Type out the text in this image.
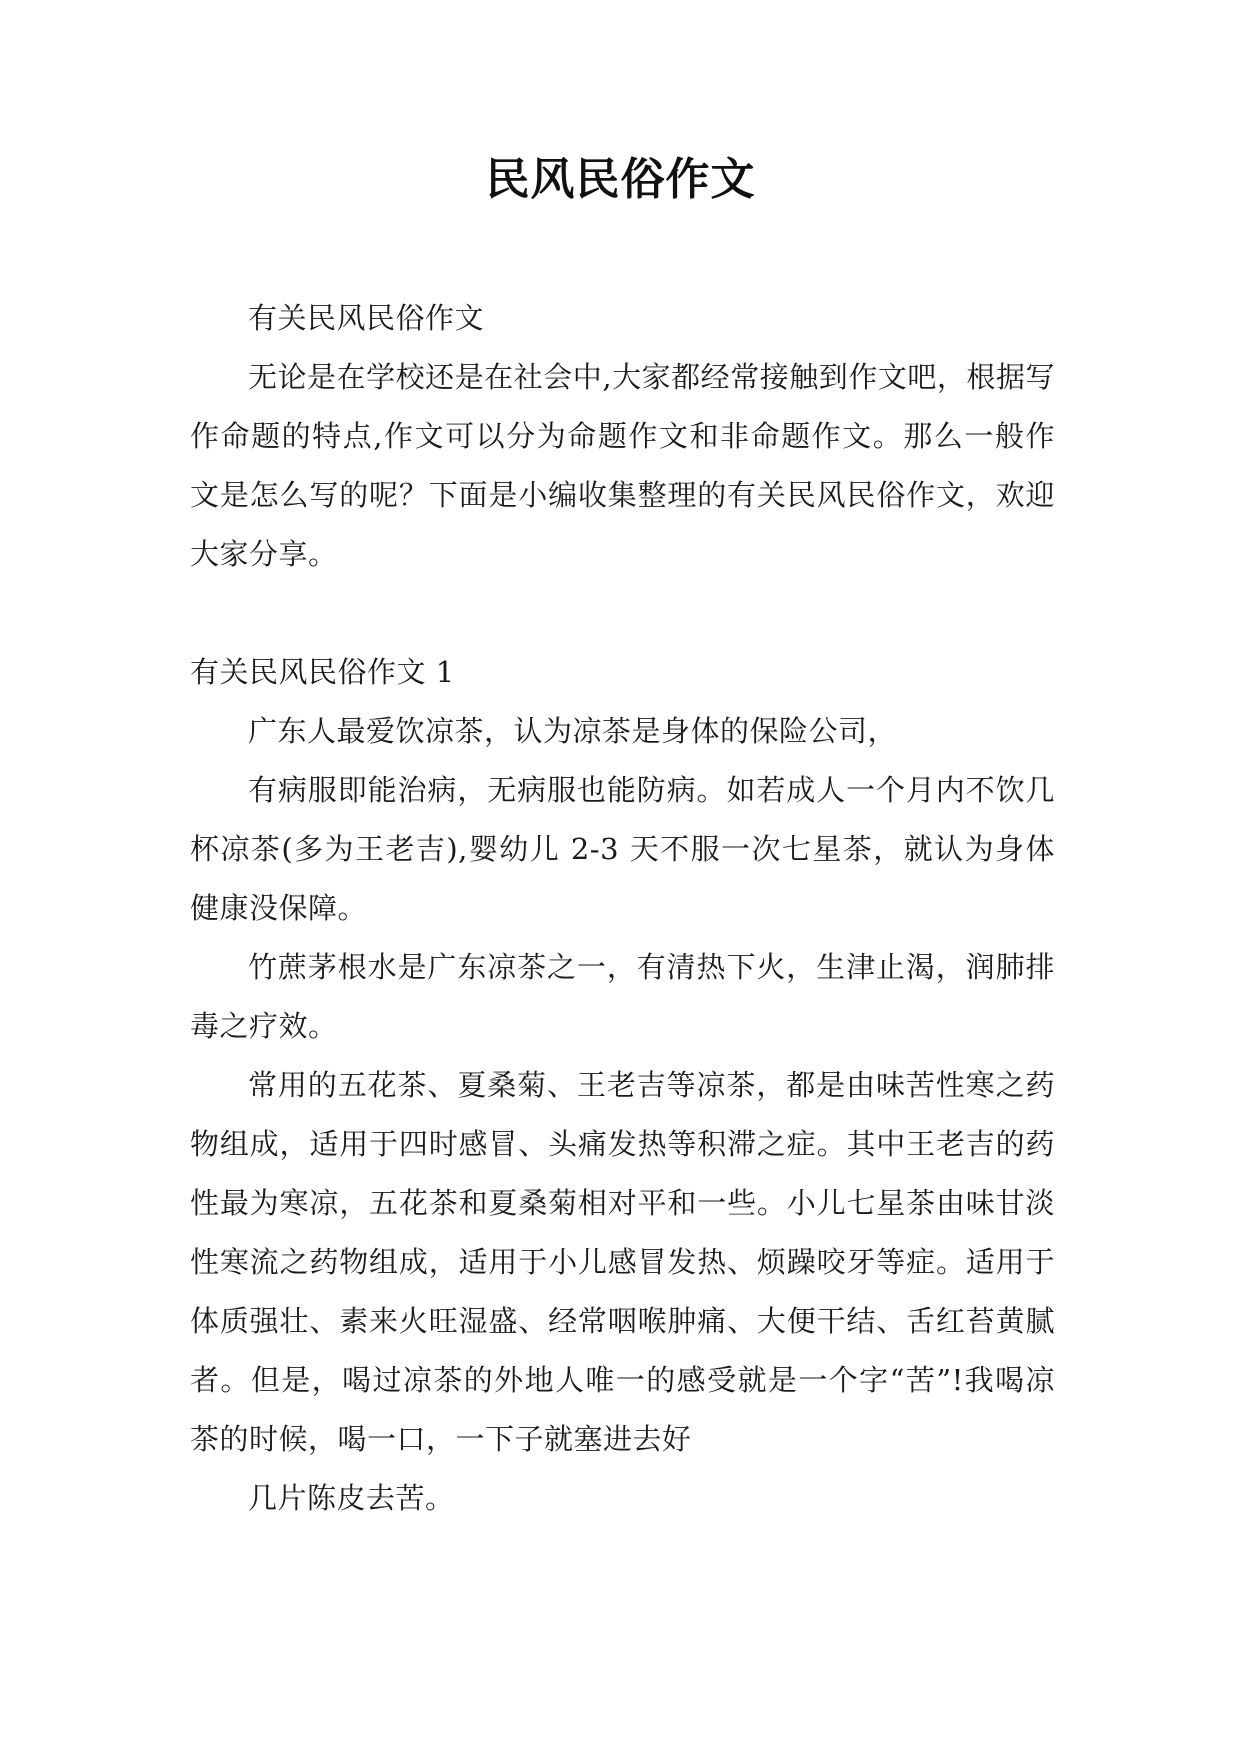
民风民俗作文

有关民风民俗作文

无论是在学校还是在社会中,大家都经常接触到作文吧，根据写作命题的特点,作文可以分为命题作文和非命题作文。那么一般作文是怎么写的呢？下面是小编收集整理的有关民风民俗作文，欢迎大家分享。

有关民风民俗作文 1

广东人最爱饮凉茶，认为凉茶是身体的保险公司，

有病服即能治病，无病服也能防病。如若成人一个月内不饮几杯凉茶(多为王老吉),婴幼儿 2-3 天不服一次七星茶，就认为身体健康没保障。

竹蔗茅根水是广东凉茶之一，有清热下火，生津止渴，润肺排毒之疗效。

常用的五花茶、夏桑菊、王老吉等凉茶，都是由味苦性寒之药物组成，适用于四时感冒、头痛发热等积滞之症。其中王老吉的药性最为寒凉，五花茶和夏桑菊相对平和一些。小儿七星茶由味甘淡性寒流之药物组成，适用于小儿感冒发热、烦躁咬牙等症。适用于体质强壮、素来火旺湿盛、经常咽喉肿痛、大便干结、舌红苔黄腻者。但是，喝过凉茶的外地人唯一的感受就是一个字“苦”!我喝凉茶的时候，喝一口，一下子就塞进去好

几片陈皮去苦。
